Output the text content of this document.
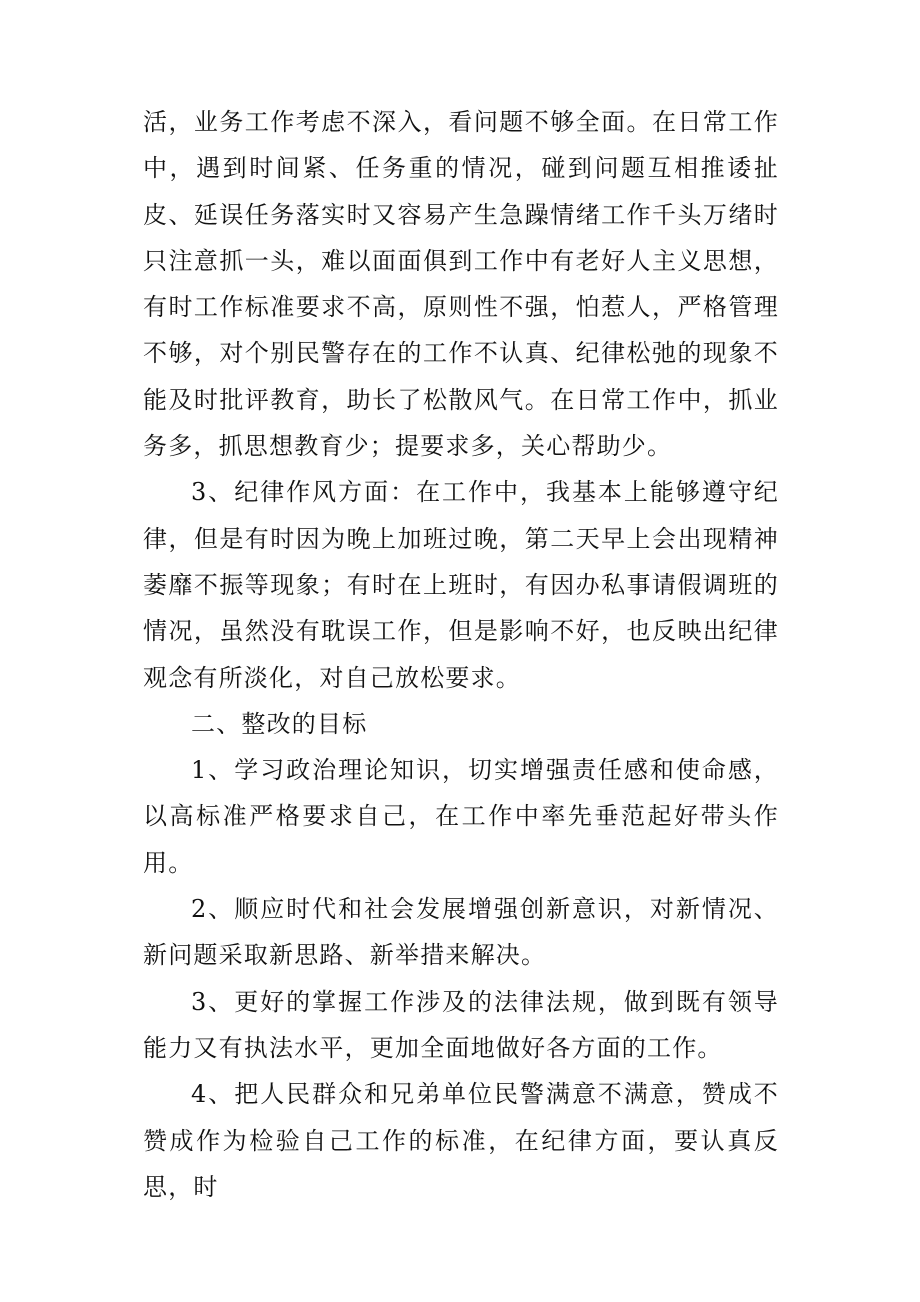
活，业务工作考虑不深入，看问题不够全面。在日常工作中，遇到时间紧、任务重的情况，碰到问题互相推诿扯皮、延误任务落实时又容易产生急躁情绪工作千头万绪时只注意抓一头，难以面面俱到工作中有老好人主义思想，有时工作标准要求不高，原则性不强，怕惹人，严格管理不够，对个别民警存在的工作不认真、纪律松弛的现象不能及时批评教育，助长了松散风气。在日常工作中，抓业务多，抓思想教育少；提要求多，关心帮助少。

3、纪律作风方面：在工作中，我基本上能够遵守纪律，但是有时因为晚上加班过晚，第二天早上会出现精神萎靡不振等现象；有时在上班时，有因办私事请假调班的情况，虽然没有耽误工作，但是影响不好，也反映出纪律观念有所淡化，对自己放松要求。

二、整改的目标

1、学习政治理论知识，切实增强责任感和使命感，以高标准严格要求自己，在工作中率先垂范起好带头作用。

2、顺应时代和社会发展增强创新意识，对新情况、新问题采取新思路、新举措来解决。

3、更好的掌握工作涉及的法律法规，做到既有领导能力又有执法水平，更加全面地做好各方面的工作。

4、把人民群众和兄弟单位民警满意不满意，赞成不赞成作为检验自己工作的标准，在纪律方面，要认真反思，时
